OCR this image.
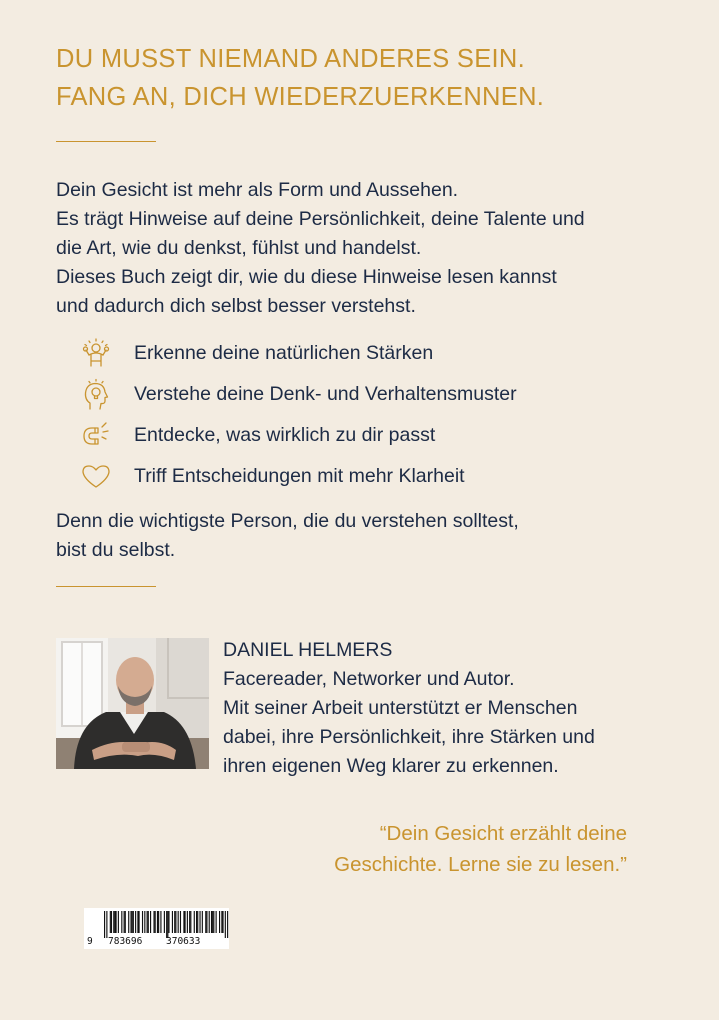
DU MUSST NIEMAND ANDERES SEIN.
FANG AN, DICH WIEDERZUERKENNEN.
Dein Gesicht ist mehr als Form und Aussehen.
Es trägt Hinweise auf deine Persönlichkeit, deine Talente und
die Art, wie du denkst, fühlst und handelst.
Dieses Buch zeigt dir, wie du diese Hinweise lesen kannst
und dadurch dich selbst besser verstehst.
Erkenne deine natürlichen Stärken
Verstehe deine Denk- und Verhaltensmuster
Entdecke, was wirklich zu dir passt
Triff Entscheidungen mit mehr Klarheit
Denn die wichtigste Person, die du verstehen solltest,
bist du selbst.
DANIEL HELMERS
Facereader, Networker und Autor.
Mit seiner Arbeit unterstützt er Menschen
dabei, ihre Persönlichkeit, ihre Stärken und
ihren eigenen Weg klarer zu erkennen.
“Dein Gesicht erzählt deine
Geschichte. Lerne sie zu lesen.”
9 783696 370633
